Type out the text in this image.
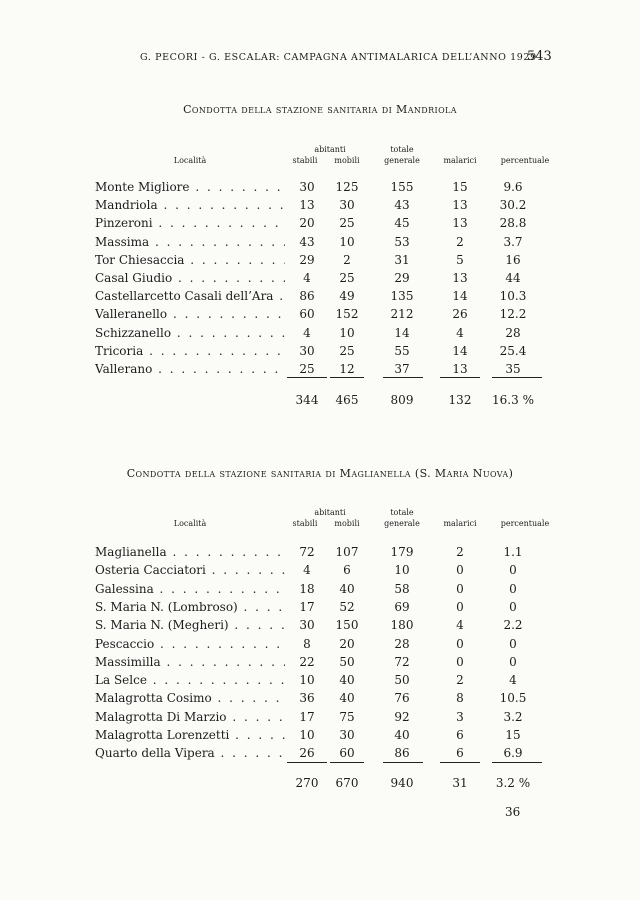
G. PECORI - G. ESCALAR: CAMPAGNA ANTIMALARICA DELL’ANNO 1929
543
Condotta della stazione sanitaria di Mandriola
abitanti
Località	stabili	mobili
totale
generale	malarici	percentuale
Monte Migliore . . .	30	125	155	15	9.6
Mandriola . . .	13	30	43	13	30.2
Pinzeroni . . .	20	25	45	13	28.8
Massima . . .	43	10	53	2	3.7
Tor Chiesaccia . . .	29	2	31	5	16
Casal Giudio . . .	4	25	29	13	44
Castellarcetto Casali dell’Ara . . .	86	49	135	14	10.3
Valleranello . . .	60	152	212	26	12.2
Schizzanello . . .	4	10	14	4	28
Tricoria . . .	30	25	55	14	25.4
Vallerano . . .	25	12	37	13	35
344	465	809	132	16.3 %
Condotta della stazione sanitaria di Maglianella (S. Maria Nuova)
abitanti
Località	stabili	mobili
totale
generale	malarici	percentuale
Maglianella . . .	72	107	179	2	1.1
Osteria Cacciatori . . .	4	6	10	0	0
Galessina . . .	18	40	58	0	0
S. Maria N. (Lombroso) . . .	17	52	69	0	0
S. Maria N. (Megheri) . . .	30	150	180	4	2.2
Pescaccio . . .	8	20	28	0	0
Massimilla . . .	22	50	72	0	0
La Selce . . .	10	40	50	2	4
Malagrotta Cosimo . . .	36	40	76	8	10.5
Malagrotta Di Marzio . . .	17	75	92	3	3.2
Malagrotta Lorenzetti . . .	10	30	40	6	15
Quarto della Vipera . . .	26	60	86	6	6.9
270	670	940	31	3.2 %
36
